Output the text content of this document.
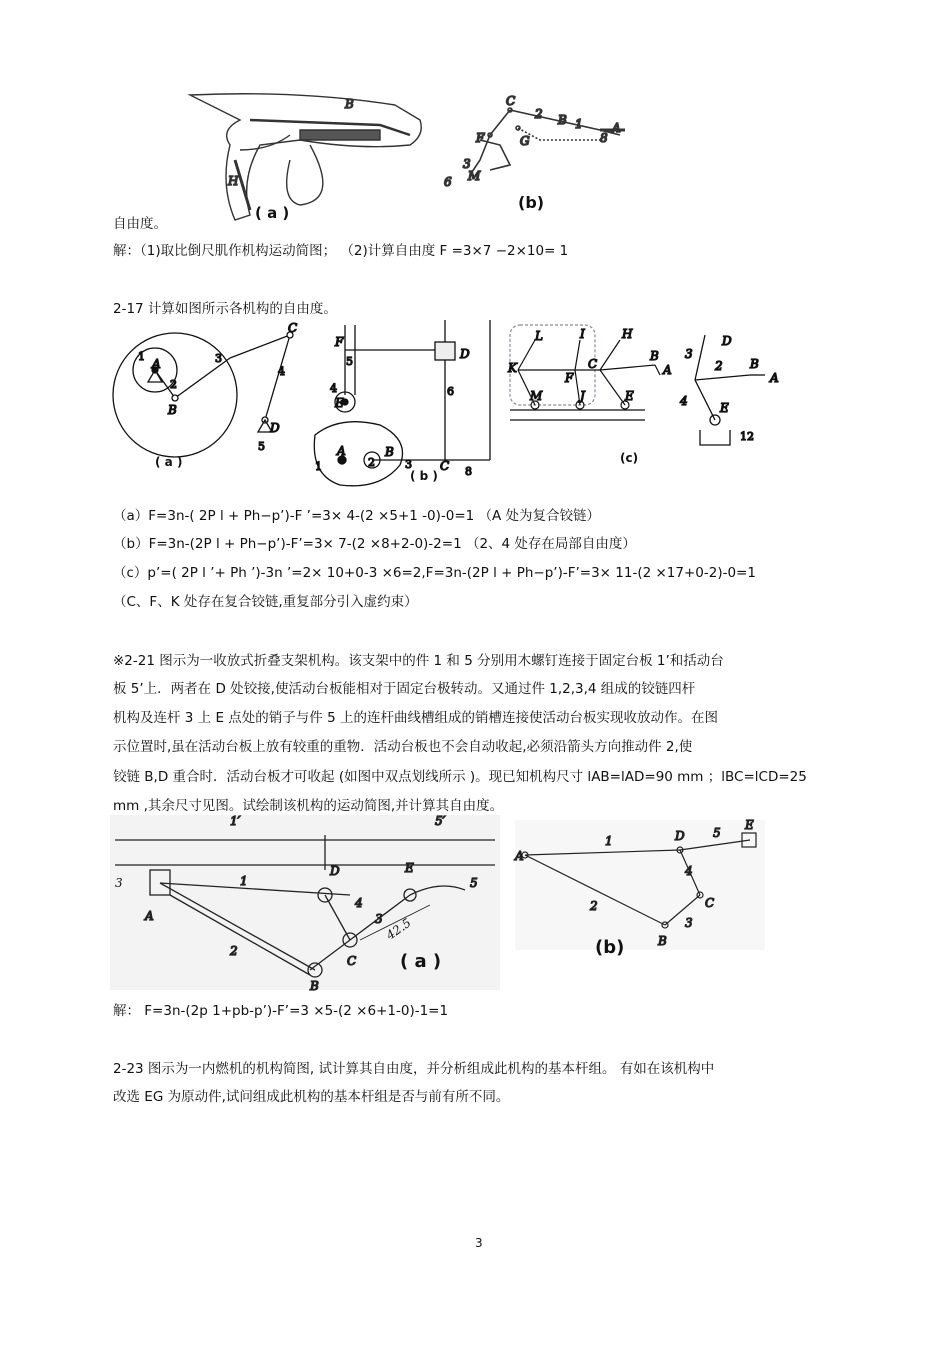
B
H
( a )
C
2 B 1
F	G
3
6 M
8
A
(b)
自由度。
解：（1)取比倒尺肌作机构运动简图； （2)计算自由度 F =3×7 −2×10= 1
2-17 计算如图所示各机构的自由度。
A
B
C
D
1
2
3
4
5
( a )
F
E
D
A	B
C
5
4
1	2	3
6
8
( b )
L	I	H
K
F
C
B
A
M	J	E
(c)
D
B
A
E
3
2
4
12
（a）F=3n-( 2P l + Ph−p’)-F ’=3× 4-(2 ×5+1 -0)-0=1 （A 处为复合铰链）
（b）F=3n-(2P l + Ph−p’)-F’=3× 7-(2 ×8+2-0)-2=1 （2、4 处存在局部自由度）
（c）p’=( 2P l ’+ Ph ’)-3n ’=2× 10+0-3 ×6=2,F=3n-(2P l + Ph−p’)-F’=3× 11-(2 ×17+0-2)-0=1
（C、F、K 处存在复合铰链,重复部分引入虚约束）
※2-21 图示为一收放式折叠支架机构。该支架中的件 1 和 5 分别用木螺钉连接于固定台板 1’和括动台
板 5’上．两者在 D 处铰接,使活动台板能相对于固定台极转动。又通过件 1,2,3,4 组成的铰链四杆
机构及连杆 3 上 E 点处的销子与件 5 上的连杆曲线槽组成的销槽连接使活动台板实现收放动作。在图
示位置时,虽在活动台板上放有较重的重物．活动台板也不会自动收起,必须沿箭头方向推动件 2,使
铰链 B,D 重合时．活动台板才可收起 (如图中双点划线所示 )。现已知机构尺寸 lAB=lAD=90 mm ；lBC=lCD=25
mm ,其余尺寸见图。试绘制该机构的运动简图,并计算其自由度。
1′	5′
1
2
3
4
5
D	E
C
B
A
3
42.5
( a )
A
D
E
C
B
1
2
3
4
5
(b)
解： F=3n-(2p 1+pb-p’)-F’=3 ×5-(2 ×6+1-0)-1=1
2-23 图示为一内燃机的机构简图, 试计算其自由度，并分析组成此机构的基本杆组。 有如在该机构中
改选 EG 为原动件,试问组成此机构的基本杆组是否与前有所不同。
3
